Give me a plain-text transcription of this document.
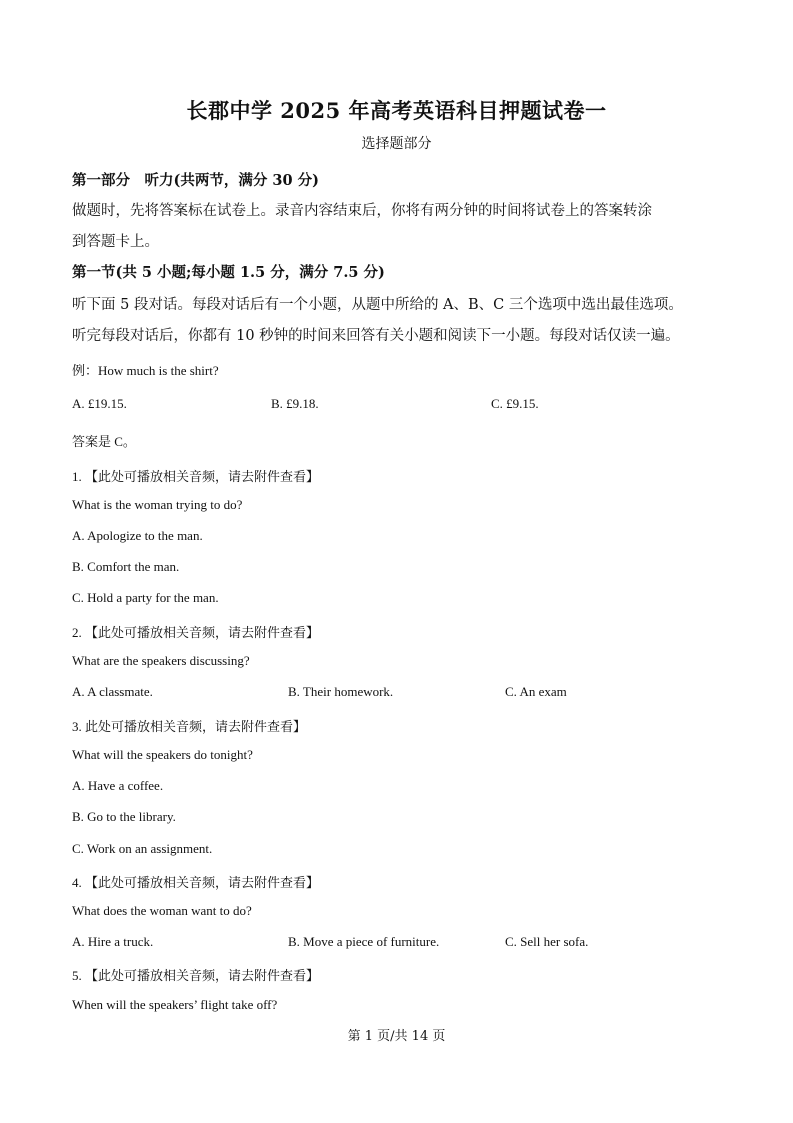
长郡中学 2025 年高考英语科目押题试卷一
选择题部分
第一部分　听力(共两节，满分 30 分)
做题时，先将答案标在试卷上。录音内容结束后，你将有两分钟的时间将试卷上的答案转涂
到答题卡上。
第一节(共 5 小题;每小题 1.5 分，满分 7.5 分)
听下面 5 段对话。每段对话后有一个小题，从题中所给的 A、B、C 三个选项中选出最佳选项。
听完每段对话后，你都有 10 秒钟的时间来回答有关小题和阅读下一小题。每段对话仅读一遍。
例：How much is the shirt?
A. £19.15.	B. £9.18.	C. £9.15.
答案是 C。
1. 【此处可播放相关音频，请去附件查看】
What is the woman trying to do?
A. Apologize to the man.
B. Comfort the man.
C. Hold a party for the man.
2. 【此处可播放相关音频，请去附件查看】
What are the speakers discussing?
A. A classmate.	B. Their homework.	C. An exam
3. 此处可播放相关音频，请去附件查看】
What will the speakers do tonight?
A. Have a coffee.
B. Go to the library.
C. Work on an assignment.
4. 【此处可播放相关音频，请去附件查看】
What does the woman want to do?
A. Hire a truck.	B. Move a piece of furniture.	C. Sell her sofa.
5. 【此处可播放相关音频，请去附件查看】
When will the speakers’ flight take off?
第 1 页/共 14 页
